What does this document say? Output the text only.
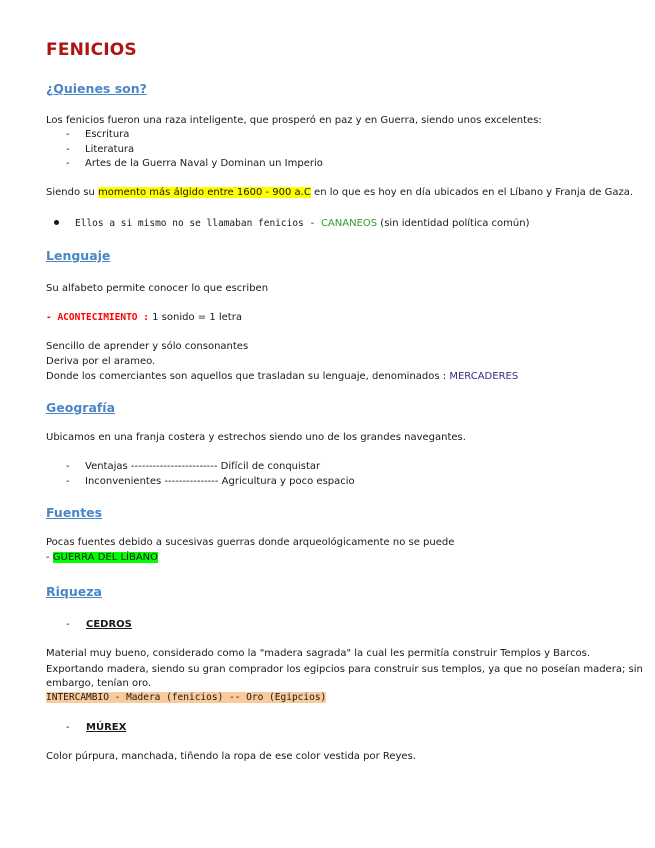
FENICIOS
¿Quienes son?
Los fenicios fueron una raza inteligente, que prosperó en paz y en Guerra, siendo unos excelentes:
- Escritura
- Literatura
- Artes de la Guerra Naval y Dominan un Imperio
Siendo su momento más álgido entre 1600 - 900 a.C en lo que es hoy en día ubicados en el Líbano y Franja de Gaza.
Ellos a si mismo no se llamaban fenicios - CANANEOS (sin identidad política común)
Lenguaje
Su alfabeto permite conocer lo que escriben
- ACONTECIMIENTO : 1 sonido = 1 letra
Sencillo de aprender y sólo consonantes
Deriva por el arameo.
Donde los comerciantes son aquellos que trasladan su lenguaje, denominados : MERCADERES
Geografía
Ubicamos en una franja costera y estrechos siendo uno de los grandes navegantes.
- Ventajas ------------------------ Difícil de conquistar
- Inconvenientes --------------- Agricultura y poco espacio
Fuentes
Pocas fuentes debido a sucesivas guerras donde arqueológicamente no se puede
- GUERRA DEL LÍBANO
Riqueza
- CEDROS
Material muy bueno, considerado como la "madera sagrada" la cual les permitía construir Templos y Barcos.
Exportando madera, siendo su gran comprador los egipcios para construir sus templos, ya que no poseían madera; sin
embargo, tenían oro.
INTERCAMBIO - Madera (fenicios) -- Oro (Egipcios)
- MÚREX
Color púrpura, manchada, tiñendo la ropa de ese color vestida por Reyes.
